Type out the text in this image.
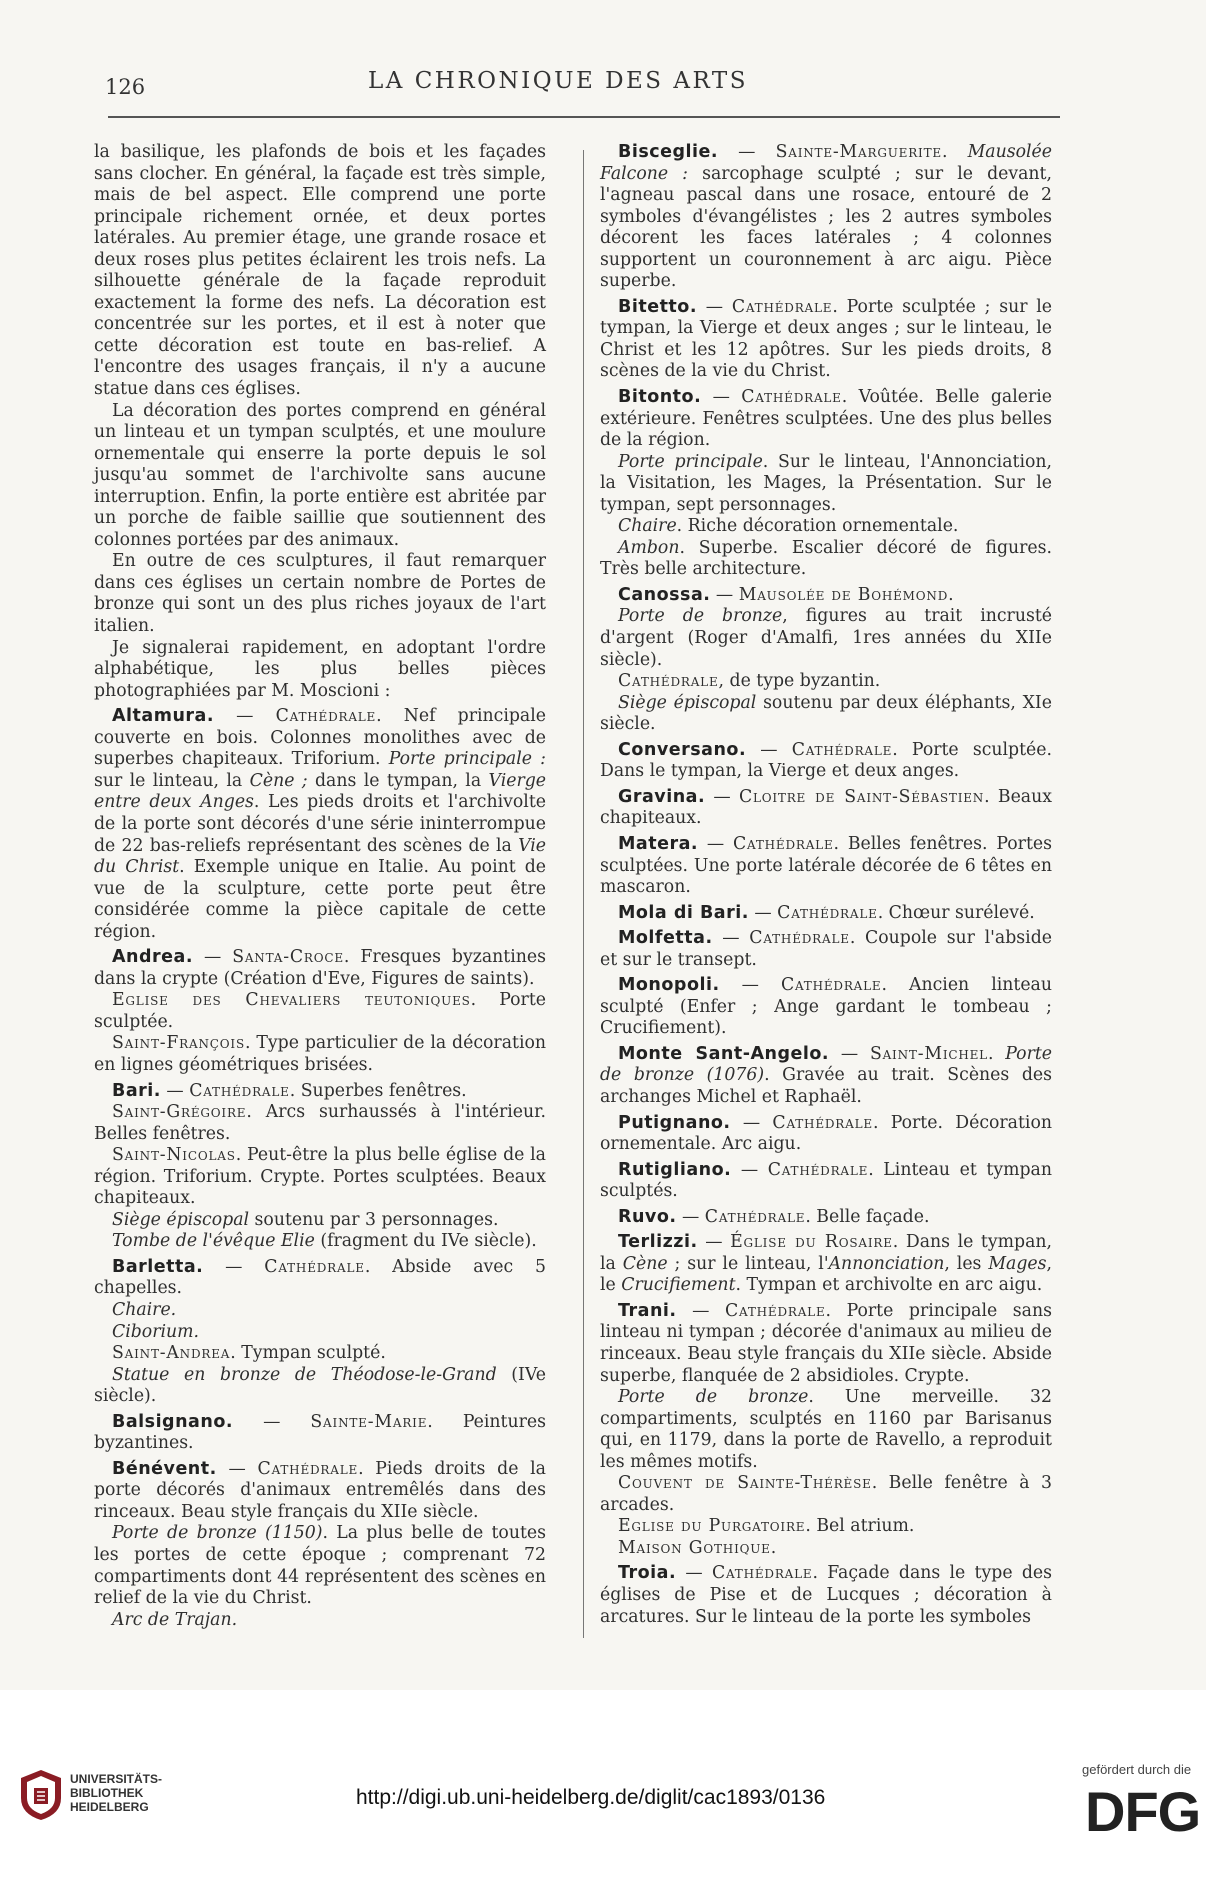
126	LA CHRONIQUE DES ARTS

la basilique, les plafonds de bois et les façades sans clocher. En général, la façade est très simple, mais de bel aspect. Elle comprend une porte principale richement ornée, et deux portes latérales. Au premier étage, une grande rosace et deux roses plus petites éclairent les trois nefs. La silhouette générale de la façade reproduit exactement la forme des nefs. La décoration est concentrée sur les portes, et il est à noter que cette décoration est toute en bas-relief. A l'encontre des usages français, il n'y a aucune statue dans ces églises.

La décoration des portes comprend en général un linteau et un tympan sculptés, et une moulure ornementale qui enserre la porte depuis le sol jusqu'au sommet de l'archivolte sans aucune interruption. Enfin, la porte entière est abritée par un porche de faible saillie que soutiennent des colonnes portées par des animaux.

En outre de ces sculptures, il faut remarquer dans ces églises un certain nombre de Portes de bronze qui sont un des plus riches joyaux de l'art italien.

Je signalerai rapidement, en adoptant l'ordre alphabétique, les plus belles pièces photographiées par M. Moscioni :

Altamura. — Cathédrale. Nef principale couverte en bois. Colonnes monolithes avec de superbes chapiteaux. Triforium. Porte principale : sur le linteau, la Cène ; dans le tympan, la Vierge entre deux Anges. Les pieds droits et l'archivolte de la porte sont décorés d'une série ininterrompue de 22 bas-reliefs représentant des scènes de la Vie du Christ. Exemple unique en Italie. Au point de vue de la sculpture, cette porte peut être considérée comme la pièce capitale de cette région.

Andrea. — Santa-Croce. Fresques byzantines dans la crypte (Création d'Eve, Figures de saints).

Eglise des Chevaliers teutoniques. Porte sculptée.

Saint-François. Type particulier de la décoration en lignes géométriques brisées.

Bari. — Cathédrale. Superbes fenêtres.

Saint-Grégoire. Arcs surhaussés à l'intérieur. Belles fenêtres.

Saint-Nicolas. Peut-être la plus belle église de la région. Triforium. Crypte. Portes sculptées. Beaux chapiteaux.

Siège épiscopal soutenu par 3 personnages.

Tombe de l'évêque Elie (fragment du IVe siècle).

Barletta. — Cathédrale. Abside avec 5 chapelles.

Chaire.

Ciborium.

Saint-Andrea. Tympan sculpté.

Statue en bronze de Théodose-le-Grand (IVe siècle).

Balsignano. — Sainte-Marie. Peintures byzantines.

Bénévent. — Cathédrale. Pieds droits de la porte décorés d'animaux entremêlés dans des rinceaux. Beau style français du XIIe siècle.

Porte de bronze (1150). La plus belle de toutes les portes de cette époque ; comprenant 72 compartiments dont 44 représentent des scènes en relief de la vie du Christ.

Arc de Trajan.

Bisceglie. — Sainte-Marguerite. Mausolée Falcone : sarcophage sculpté ; sur le devant, l'agneau pascal dans une rosace, entouré de 2 symboles d'évangélistes ; les 2 autres symboles décorent les faces latérales ; 4 colonnes supportent un couronnement à arc aigu. Pièce superbe.

Bitetto. — Cathédrale. Porte sculptée ; sur le tympan, la Vierge et deux anges ; sur le linteau, le Christ et les 12 apôtres. Sur les pieds droits, 8 scènes de la vie du Christ.

Bitonto. — Cathédrale. Voûtée. Belle galerie extérieure. Fenêtres sculptées. Une des plus belles de la région.

Porte principale. Sur le linteau, l'Annonciation, la Visitation, les Mages, la Présentation. Sur le tympan, sept personnages.

Chaire. Riche décoration ornementale.

Ambon. Superbe. Escalier décoré de figures. Très belle architecture.

Canossa. — Mausolée de Bohémond.

Porte de bronze, figures au trait incrusté d'argent (Roger d'Amalfi, 1res années du XIIe siècle).

Cathédrale, de type byzantin.

Siège épiscopal soutenu par deux éléphants, XIe siècle.

Conversano. — Cathédrale. Porte sculptée. Dans le tympan, la Vierge et deux anges.

Gravina. — Cloitre de Saint-Sébastien. Beaux chapiteaux.

Matera. — Cathédrale. Belles fenêtres. Portes sculptées. Une porte latérale décorée de 6 têtes en mascaron.

Mola di Bari. — Cathédrale. Chœur surélevé.

Molfetta. — Cathédrale. Coupole sur l'abside et sur le transept.

Monopoli. — Cathédrale. Ancien linteau sculpté (Enfer ; Ange gardant le tombeau ; Crucifiement).

Monte Sant-Angelo. — Saint-Michel. Porte de bronze (1076). Gravée au trait. Scènes des archanges Michel et Raphaël.

Putignano. — Cathédrale. Porte. Décoration ornementale. Arc aigu.

Rutigliano. — Cathédrale. Linteau et tympan sculptés.

Ruvo. — Cathédrale. Belle façade.

Terlizzi. — Église du Rosaire. Dans le tympan, la Cène ; sur le linteau, l'Annonciation, les Mages, le Crucifiement. Tympan et archivolte en arc aigu.

Trani. — Cathédrale. Porte principale sans linteau ni tympan ; décorée d'animaux au milieu de rinceaux. Beau style français du XIIe siècle. Abside superbe, flanquée de 2 absidioles. Crypte.

Porte de bronze. Une merveille. 32 compartiments, sculptés en 1160 par Barisanus qui, en 1179, dans la porte de Ravello, a reproduit les mêmes motifs.

Couvent de Sainte-Thérèse. Belle fenêtre à 3 arcades.

Eglise du Purgatoire. Bel atrium.

Maison Gothique.

Troia. — Cathédrale. Façade dans le type des églises de Pise et de Lucques ; décoration à arcatures. Sur le linteau de la porte les symboles

UNIVERSITÄTS-
BIBLIOTHEK
HEIDELBERG	http://digi.ub.uni-heidelberg.de/diglit/cac1893/0136
gefördert durch die
DFG
